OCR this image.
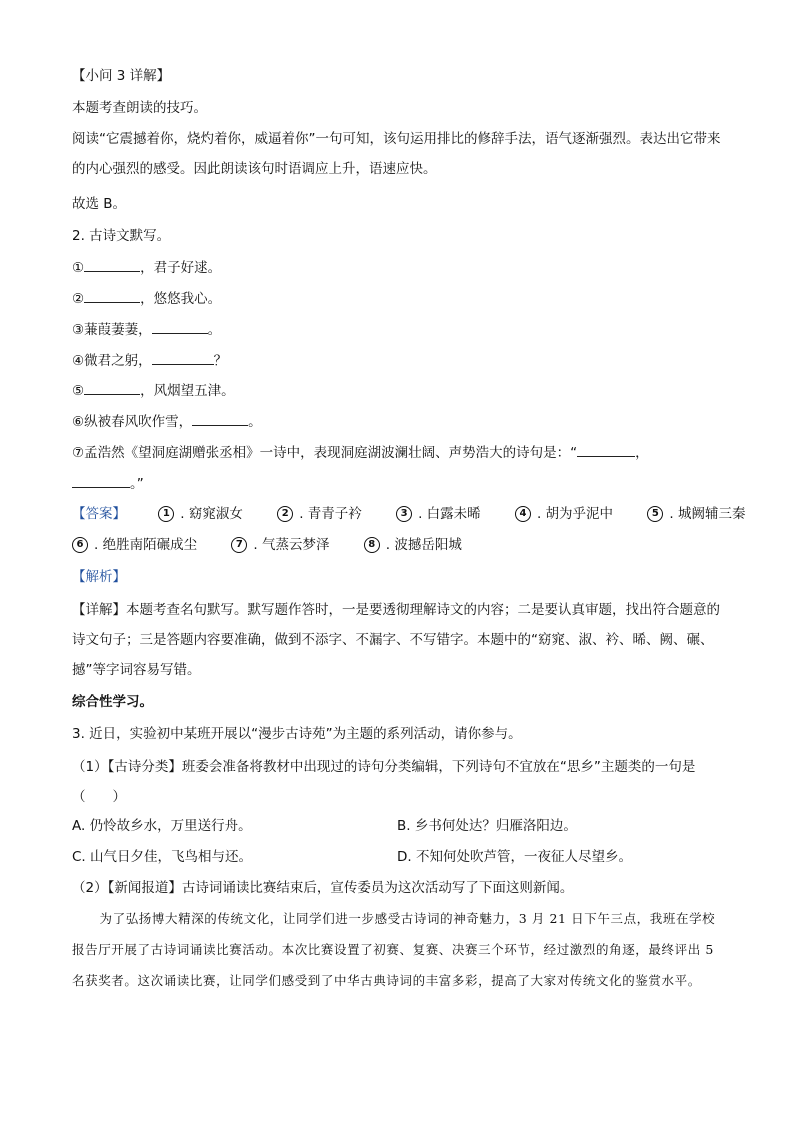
【小问 3 详解】
本题考查朗读的技巧。
阅读“它震撼着你，烧灼着你，威逼着你”一句可知，该句运用排比的修辞手法，语气逐渐强烈。表达出它带来的内心强烈的感受。因此朗读该句时语调应上升，语速应快。
故选 B。
2. 古诗文默写。
①	，君子好逑。
②	，悠悠我心。
③蒹葭萋萋，	。
④微君之躬，	？
⑤	，风烟望五津。
⑥纵被春风吹作雪，	。
⑦孟浩然《望洞庭湖赠张丞相》一诗中，表现洞庭湖波澜壮阔、声势浩大的诗句是：“	，
。”
【答案】	1 . 窈窕淑女	2 . 青青子衿	3 . 白露未晞	4 . 胡为乎泥中	5 . 城阙辅三秦
6 . 绝胜南陌碾成尘	7 . 气蒸云梦泽	8 . 波撼岳阳城
【解析】
【详解】本题考查名句默写。默写题作答时，一是要透彻理解诗文的内容；二是要认真审题，找出符合题意的诗文句子；三是答题内容要准确，做到不添字、不漏字、不写错字。本题中的“窈窕、淑、衿、晞、阙、碾、撼”等字词容易写错。
综合性学习。
3. 近日，实验初中某班开展以“漫步古诗苑”为主题的系列活动，请你参与。
（1）【古诗分类】班委会准备将教材中出现过的诗句分类编辑，下列诗句不宜放在“思乡”主题类的一句是（　　）
A. 仍怜故乡水，万里送行舟。	B. 乡书何处达？归雁洛阳边。
C. 山气日夕佳，飞鸟相与还。	D. 不知何处吹芦管，一夜征人尽望乡。
（2）【新闻报道】古诗词诵读比赛结束后，宣传委员为这次活动写了下面这则新闻。
为了弘扬博大精深的传统文化，让同学们进一步感受古诗词的神奇魅力，3 月 21 日下午三点，我班在学校报告厅开展了古诗词诵读比赛活动。本次比赛设置了初赛、复赛、决赛三个环节，经过激烈的角逐，最终评出 5 名获奖者。这次诵读比赛，让同学们感受到了中华古典诗词的丰富多彩，提高了大家对传统文化的鉴赏水平。
